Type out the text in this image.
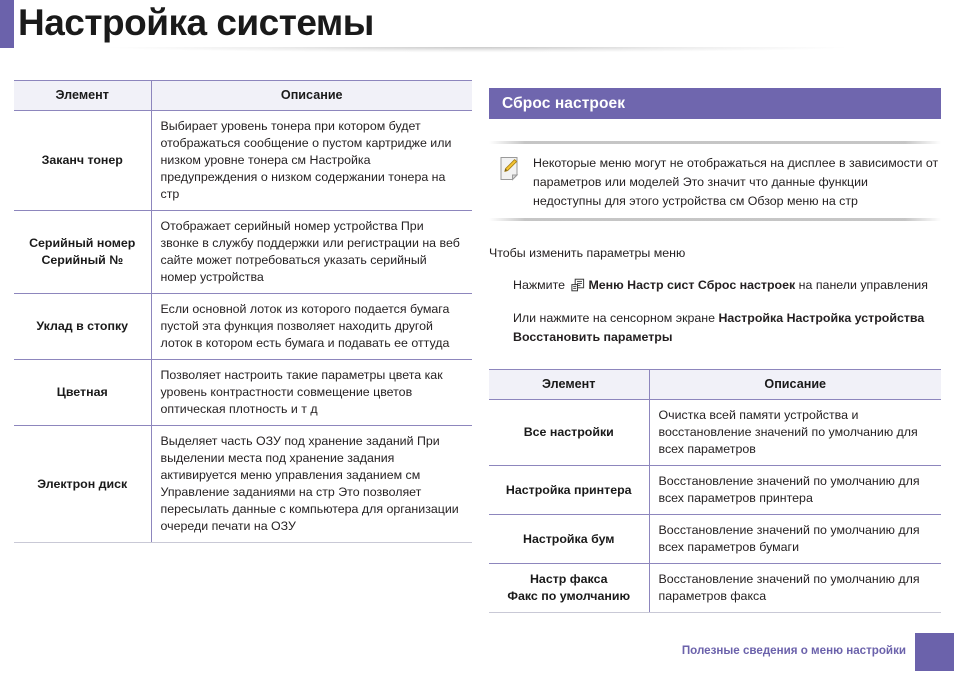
Настройка системы
Элемент	Описание

Заканч тонер	Выбирает уровень тонера при котором будет отображаться сообщение о пустом картридже или низком уровне тонера см Настройка предупреждения о низком содержании тонера на стр

Серийный номер
Серийный №	Отображает серийный номер устройства При звонке в службу поддержки или регистрации на веб сайте может потребоваться указать серийный номер устройства

Уклад в стопку	Если основной лоток из которого подается бумага пустой эта функция позволяет находить другой лоток в котором есть бумага и подавать ее оттуда

Цветная	Позволяет настроить такие параметры цвета как уровень контрастности совмещение цветов оптическая плотность и т д

Электрон диск	Выделяет часть ОЗУ под хранение заданий При выделении места под хранение задания активируется меню управления заданием см Управление заданиями на стр Это позволяет пересылать данные с компьютера для организации очереди печати на ОЗУ
Сброс настроек
Некоторые меню могут не отображаться на дисплее в зависимости от параметров или моделей Это значит что данные функции недоступны для этого устройства см Обзор меню на стр
Чтобы изменить параметры меню
Нажмите Меню Настр сист Сброс настроек на панели управления
Или нажмите на сенсорном экране Настройка Настройка устройства Восстановить параметры
Элемент	Описание

Все настройки	Очистка всей памяти устройства и восстановление значений по умолчанию для всех параметров

Настройка принтера	Восстановление значений по умолчанию для всех параметров принтера

Настройка бум	Восстановление значений по умолчанию для всех параметров бумаги

Настр факса
Факс по умолчанию	Восстановление значений по умолчанию для параметров факса
Полезные сведения о меню настройки
